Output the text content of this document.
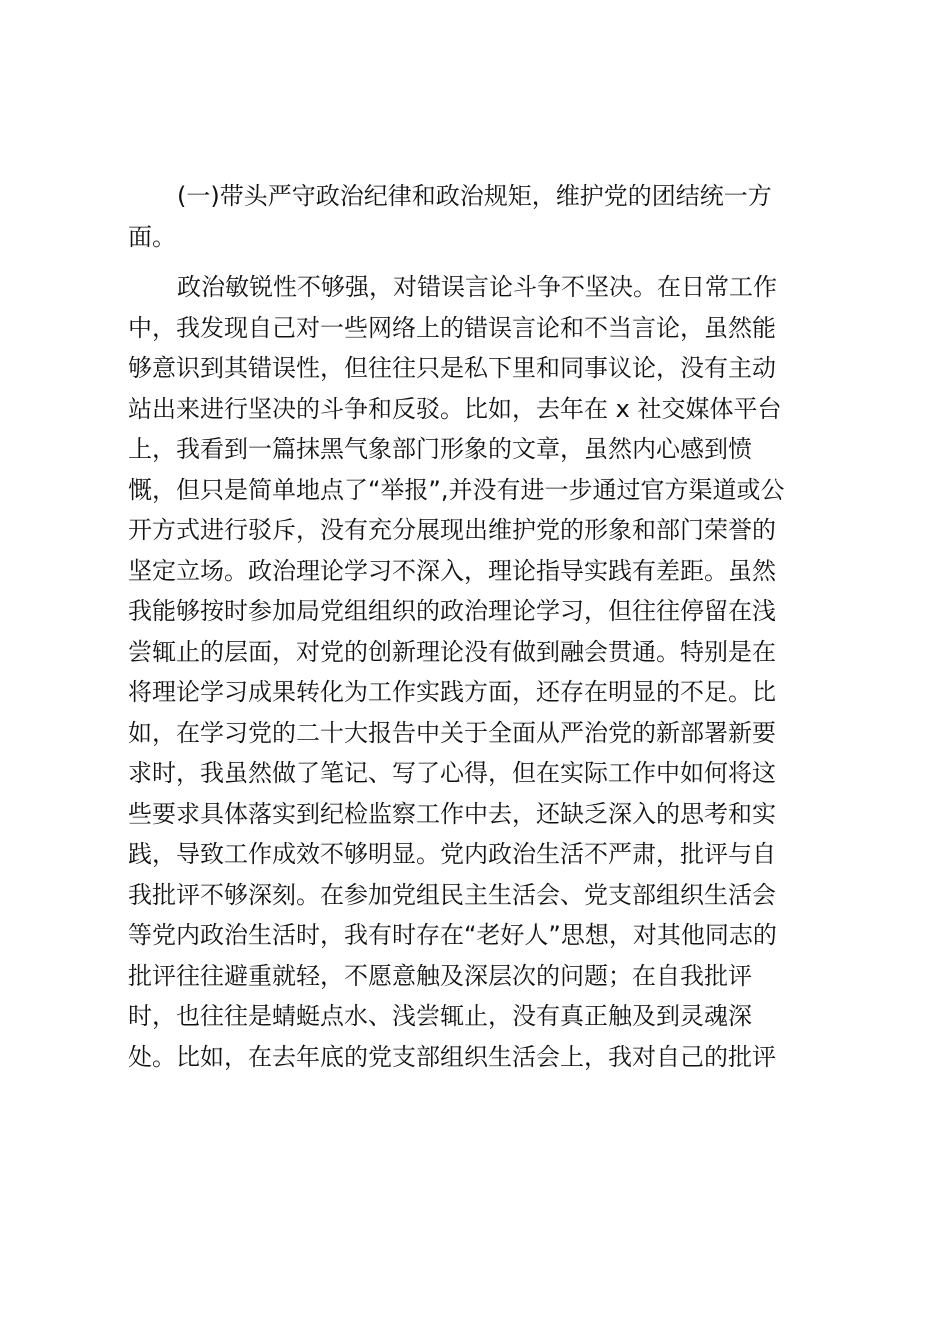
(一)带头严守政治纪律和政治规矩，维护党的团结统一方
面。
政治敏锐性不够强，对错误言论斗争不坚决。在日常工作
中，我发现自己对一些网络上的错误言论和不当言论，虽然能
够意识到其错误性，但往往只是私下里和同事议论，没有主动
站出来进行坚决的斗争和反驳。比如，去年在 x 社交媒体平台
上，我看到一篇抹黑气象部门形象的文章，虽然内心感到愤
慨，但只是简单地点了“举报”,并没有进一步通过官方渠道或公
开方式进行驳斥，没有充分展现出维护党的形象和部门荣誉的
坚定立场。政治理论学习不深入，理论指导实践有差距。虽然
我能够按时参加局党组组织的政治理论学习，但往往停留在浅
尝辄止的层面，对党的创新理论没有做到融会贯通。特别是在
将理论学习成果转化为工作实践方面，还存在明显的不足。比
如，在学习党的二十大报告中关于全面从严治党的新部署新要
求时，我虽然做了笔记、写了心得，但在实际工作中如何将这
些要求具体落实到纪检监察工作中去，还缺乏深入的思考和实
践，导致工作成效不够明显。党内政治生活不严肃，批评与自
我批评不够深刻。在参加党组民主生活会、党支部组织生活会
等党内政治生活时，我有时存在“老好人”思想，对其他同志的
批评往往避重就轻，不愿意触及深层次的问题；在自我批评
时，也往往是蜻蜓点水、浅尝辄止，没有真正触及到灵魂深
处。比如，在去年底的党支部组织生活会上，我对自己的批评
